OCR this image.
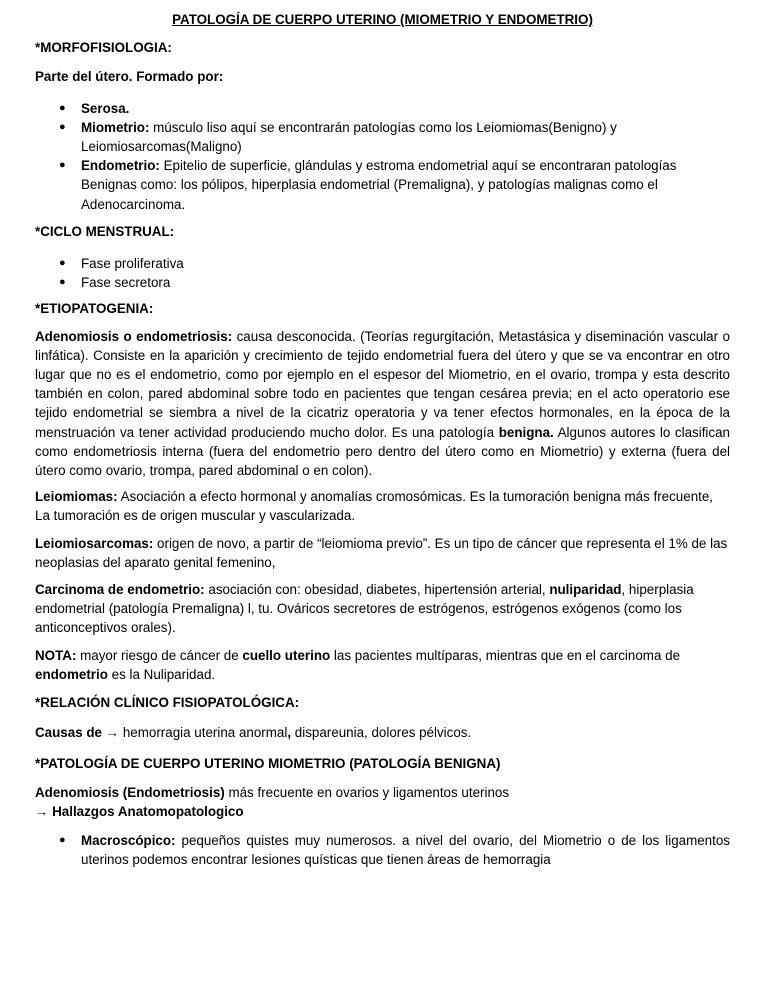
PATOLOGÍA DE CUERPO UTERINO (MIOMETRIO Y ENDOMETRIO)

*MORFOFISIOLOGIA:

Parte del útero. Formado por:

● Serosa.
● Miometrio: músculo liso aquí se encontrarán patologías como los Leiomiomas(Benigno) y Leiomiosarcomas(Maligno)
● Endometrio: Epitelio de superficie, glándulas y estroma endometrial aquí se encontraran patologías Benignas como: los pólipos, hiperplasia endometrial (Premaligna), y patologías malignas como el Adenocarcinoma.

*CICLO MENSTRUAL:

● Fase proliferativa
● Fase secretora

*ETIOPATOGENIA:

Adenomiosis o endometriosis: causa desconocida. (Teorías regurgitación, Metastásica y diseminación vascular o linfática). Consiste en la aparición y crecimiento de tejido endometrial fuera del útero y que se va encontrar en otro lugar que no es el endometrio, como por ejemplo en el espesor del Miometrio, en el ovario, trompa y esta descrito también en colon, pared abdominal sobre todo en pacientes que tengan cesárea previa; en el acto operatorio ese tejido endometrial se siembra a nivel de la cicatriz operatoria y va tener efectos hormonales, en la época de la menstruación va tener actividad produciendo mucho dolor. Es una patología benigna. Algunos autores lo clasifican como endometriosis interna (fuera del endometrio pero dentro del útero como en Miometrio) y externa (fuera del útero como ovario, trompa, pared abdominal o en colon).

Leiomiomas: Asociación a efecto hormonal y anomalías cromosómicas. Es la tumoración benigna más frecuente, La tumoración es de origen muscular y vascularizada.

Leiomiosarcomas: origen de novo, a partir de “leiomioma previo”. Es un tipo de cáncer que representa el 1% de las neoplasias del aparato genital femenino,

Carcinoma de endometrio: asociación con: obesidad, diabetes, hipertensión arterial, nuliparidad, hiperplasia endometrial (patología Premaligna) l, tu. Ováricos secretores de estrógenos, estrógenos exógenos (como los anticonceptivos orales).

NOTA: mayor riesgo de cáncer de cuello uterino las pacientes multíparas, mientras que en el carcinoma de endometrio es la Nuliparidad.

*RELACIÓN CLÍNICO FISIOPATOLÓGICA:

Causas de → hemorragia uterina anormal, dispareunia, dolores pélvicos.

*PATOLOGÍA DE CUERPO UTERINO MIOMETRIO (PATOLOGÍA BENIGNA)

Adenomiosis (Endometriosis) más frecuente en ovarios y ligamentos uterinos

→ Hallazgos Anatomopatologico

● Macroscópico: pequeños quistes muy numerosos. a nivel del ovario, del Miometrio o de los ligamentos uterinos podemos encontrar lesiones quísticas que tienen áreas de hemorragia
